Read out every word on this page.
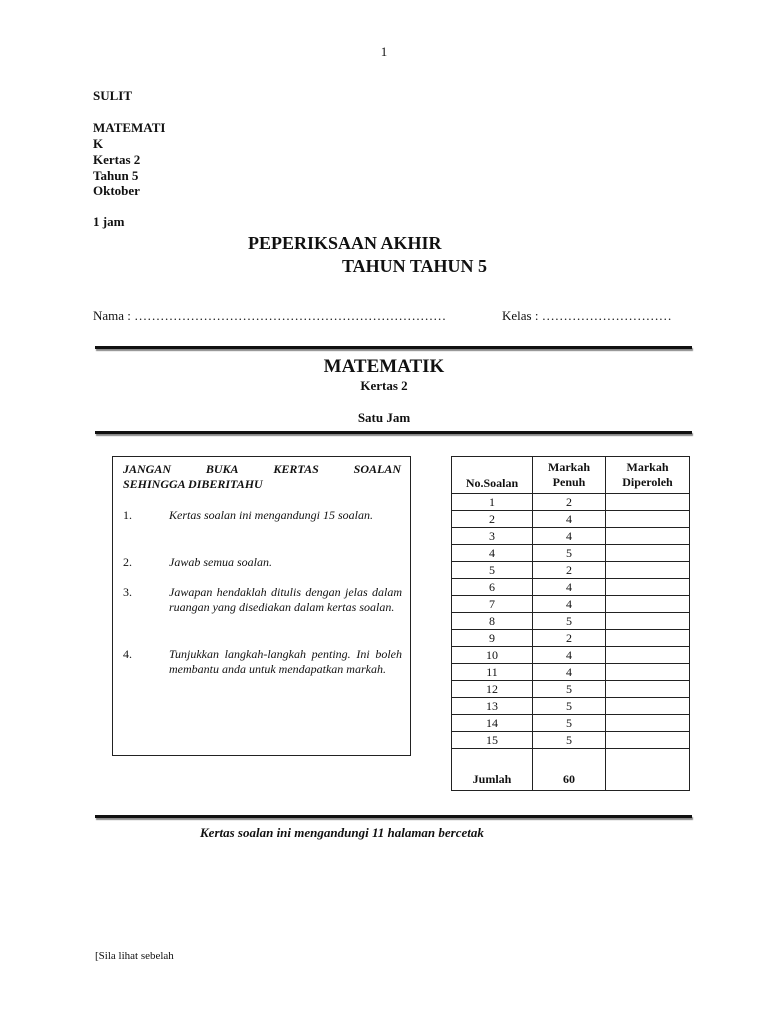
1
SULIT
MATEMATI
K
Kertas 2
Tahun 5
Oktober
1 jam
PEPERIKSAAN AKHIR
TAHUN TAHUN 5
Nama : ………………………………………………………………	Kelas : …………………………
MATEMATIK
Kertas 2
Satu Jam
JANGAN	BUKA	KERTAS	SOALAN
SEHINGGA DIBERITAHU
1.	Kertas soalan ini mengandungi 15 soalan.
2.	Jawab semua soalan.
3.	Jawapan hendaklah ditulis dengan jelas dalam ruangan yang disediakan dalam kertas soalan.
4.	Tunjukkan langkah-langkah penting. Ini boleh membantu anda untuk mendapatkan markah.
No.Soalan	Markah Penuh	Markah Diperoleh
1	2	
2	4	
3	4	
4	5	
5	2	
6	4	
7	4	
8	5	
9	2	
10	4	
11	4	
12	5	
13	5	
14	5	
15	5	
Jumlah	60	
Kertas soalan ini mengandungi 11 halaman bercetak
[Sila lihat sebelah
